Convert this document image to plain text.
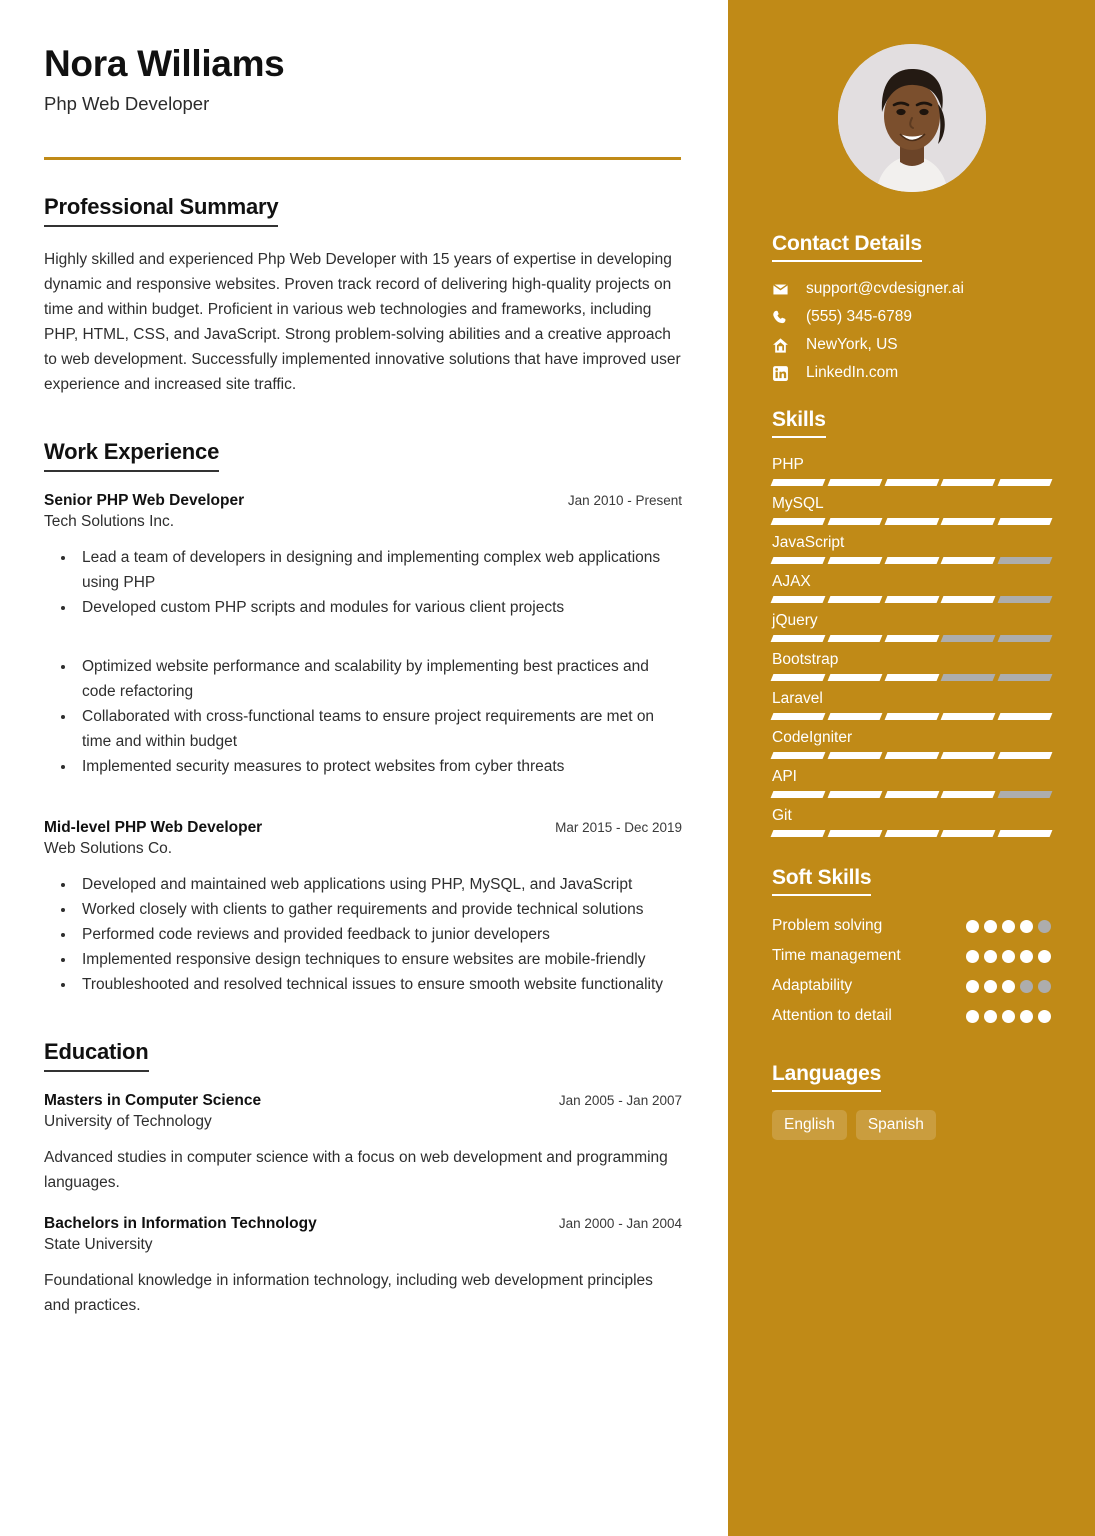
Nora Williams
Php Web Developer
Professional Summary
Highly skilled and experienced Php Web Developer with 15 years of expertise in developing dynamic and responsive websites. Proven track record of delivering high-quality projects on time and within budget. Proficient in various web technologies and frameworks, including PHP, HTML, CSS, and JavaScript. Strong problem-solving abilities and a creative approach to web development. Successfully implemented innovative solutions that have improved user experience and increased site traffic.
Work Experience
Senior PHP Web Developer	Jan 2010 - Present
Tech Solutions Inc.
• Lead a team of developers in designing and implementing complex web applications using PHP
• Developed custom PHP scripts and modules for various client projects
• Optimized website performance and scalability by implementing best practices and code refactoring
• Collaborated with cross-functional teams to ensure project requirements are met on time and within budget
• Implemented security measures to protect websites from cyber threats
Mid-level PHP Web Developer	Mar 2015 - Dec 2019
Web Solutions Co.
• Developed and maintained web applications using PHP, MySQL, and JavaScript
• Worked closely with clients to gather requirements and provide technical solutions
• Performed code reviews and provided feedback to junior developers
• Implemented responsive design techniques to ensure websites are mobile-friendly
• Troubleshooted and resolved technical issues to ensure smooth website functionality
Education
Masters in Computer Science	Jan 2005 - Jan 2007
University of Technology
Advanced studies in computer science with a focus on web development and programming languages.
Bachelors in Information Technology	Jan 2000 - Jan 2004
State University
Foundational knowledge in information technology, including web development principles and practices.
Contact Details
support@cvdesigner.ai
(555) 345-6789
NewYork, US
LinkedIn.com
Skills
PHP
MySQL
JavaScript
AJAX
jQuery
Bootstrap
Laravel
CodeIgniter
API
Git
Soft Skills
Problem solving
Time management
Adaptability
Attention to detail
Languages
English	Spanish
